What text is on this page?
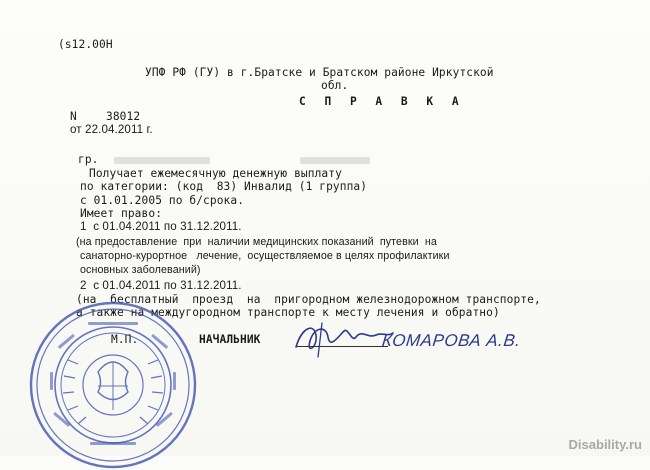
(s12.00H
УПФ РФ (ГУ) в г.Братске и Братском районе Иркутской
обл.
С П Р А В К А
N	38012
от 22.04.2011 г.
гр.
Получает ежемесячную денежную выплату
по категории: (код  83) Инвалид (1 группа)
с 01.01.2005 по б/срока.
Имеет право:
1  с 01.04.2011 по 31.12.2011.
(на предоставление  при  наличии медицинских показаний  путевки  на
санаторно-курортное   лечение,  осуществляемое в целях профилактики
основных заболеваний)
2  с 01.04.2011 по 31.12.2011.
(на  бесплатный  проезд  на  пригородном железнодорожном транспорте,
а также на междугородном транспорте к месту лечения и обратно)
М.П.	НАЧАЛЬНИК	КОМАРОВА А.В.
Disability.ru
